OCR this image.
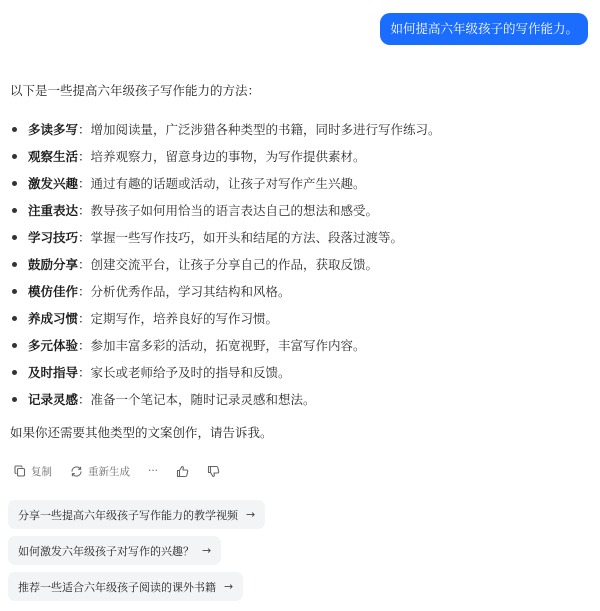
如何提高六年级孩子的写作能力。

以下是一些提高六年级孩子写作能力的方法：

多读多写：增加阅读量，广泛涉猎各种类型的书籍，同时多进行写作练习。
观察生活：培养观察力，留意身边的事物，为写作提供素材。
激发兴趣：通过有趣的话题或活动，让孩子对写作产生兴趣。
注重表达：教导孩子如何用恰当的语言表达自己的想法和感受。
学习技巧：掌握一些写作技巧，如开头和结尾的方法、段落过渡等。
鼓励分享：创建交流平台，让孩子分享自己的作品，获取反馈。
模仿佳作：分析优秀作品，学习其结构和风格。
养成习惯：定期写作，培养良好的写作习惯。
多元体验：参加丰富多彩的活动，拓宽视野，丰富写作内容。
及时指导：家长或老师给予及时的指导和反馈。
记录灵感：准备一个笔记本，随时记录灵感和想法。

如果你还需要其他类型的文案创作，请告诉我。

复制	重新生成 ···
分享一些提高六年级孩子写作能力的教学视频 →
如何激发六年级孩子对写作的兴趣？ →
推荐一些适合六年级孩子阅读的课外书籍 →
